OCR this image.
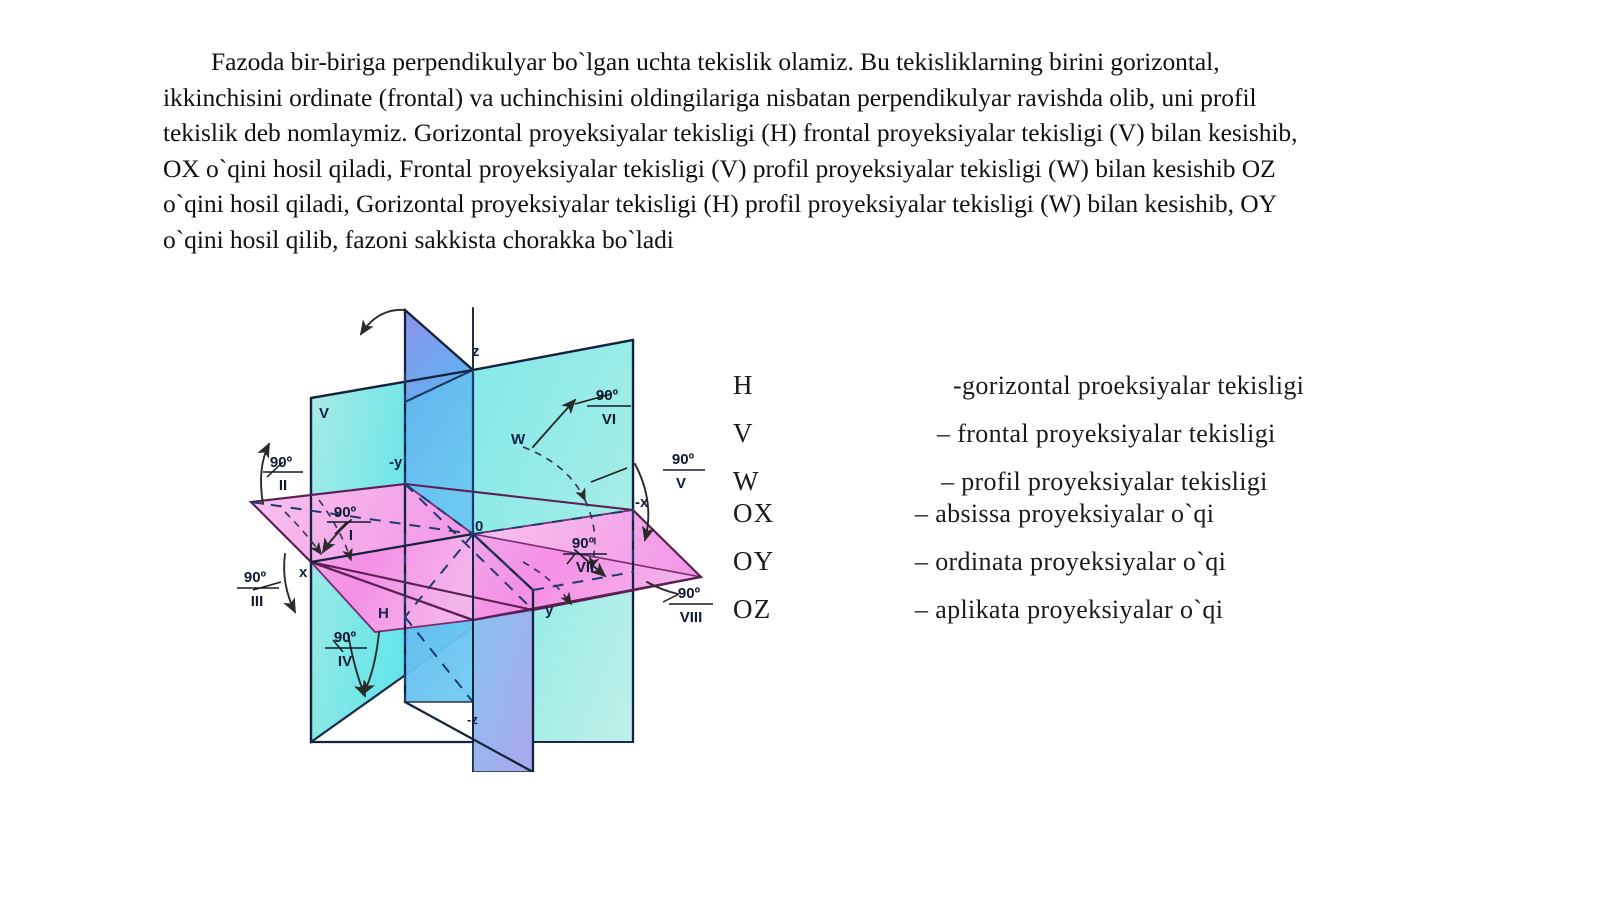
Fazoda bir-biriga perpendikulyar bo`lgan uchta tekislik olamiz. Bu tekisliklarning birini gorizontal,
ikkinchisini ordinate (frontal) va uchinchisini oldingilariga nisbatan perpendikulyar ravishda olib, uni profil
tekislik deb nomlaymiz. Gorizontal proyeksiyalar tekisligi (H) frontal proyeksiyalar tekisligi (V) bilan kesishib,
OX o`qini hosil qiladi, Frontal proyeksiyalar tekisligi (V) profil proyeksiyalar tekisligi (W) bilan kesishib OZ
o`qini hosil qiladi, Gorizontal proyeksiyalar tekisligi (H) profil proyeksiyalar tekisligi (W) bilan kesishib, OY
o`qini hosil qilib, fazoni sakkista chorakka bo`ladi
V
W
H
z
-z
y
-y
x
-x
0
90º
I
90º
II
90º
III
90º
IV
90º
V
90º
VI
90º
VII
90º
VIII
H	-gorizontal proeksiyalar tekisligi
V	– frontal proyeksiyalar tekisligi
W	– profil proyeksiyalar tekisligi
OX	– absissa proyeksiyalar o`qi
OY	– ordinata proyeksiyalar o`qi
OZ	– aplikata proyeksiyalar o`qi
